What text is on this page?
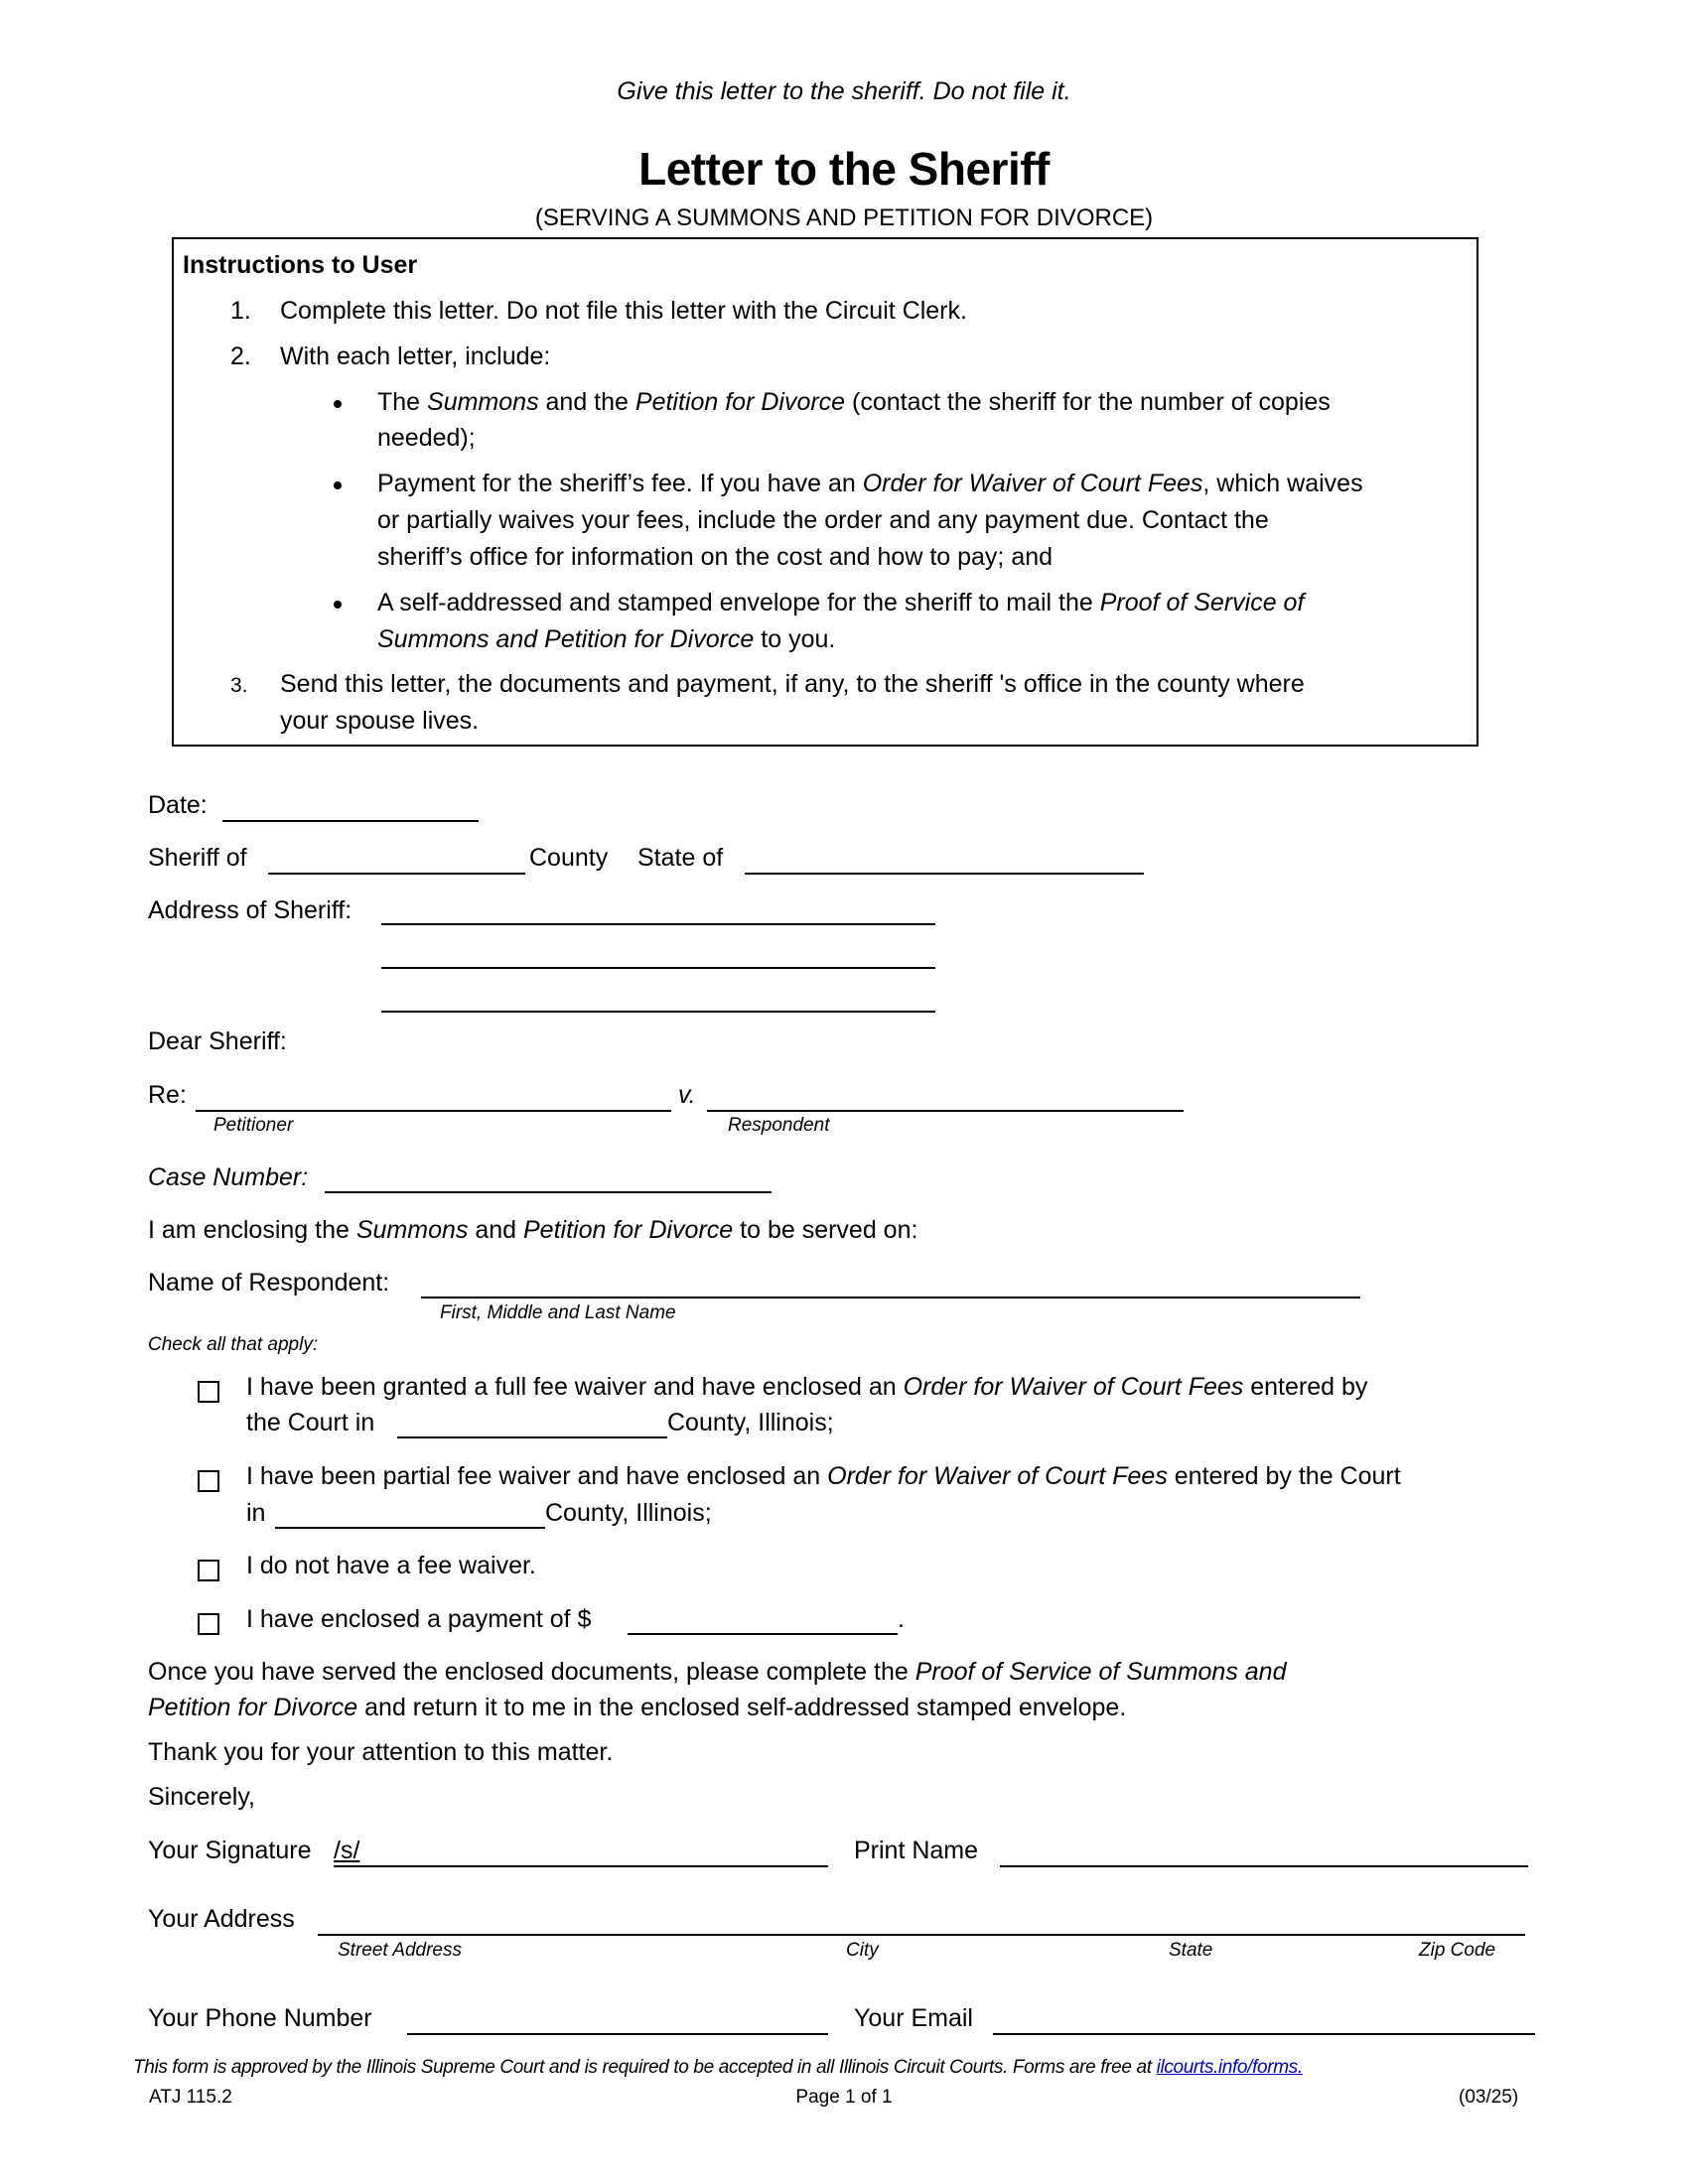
Give this letter to the sheriff. Do not file it.
Letter to the Sheriff
(SERVING A SUMMONS AND PETITION FOR DIVORCE)
Instructions to User
1. Complete this letter. Do not file this letter with the Circuit Clerk.
2. With each letter, include:
The Summons and the Petition for Divorce (contact the sheriff for the number of copies
needed);
Payment for the sheriff’s fee. If you have an Order for Waiver of Court Fees, which waives
or partially waives your fees, include the order and any payment due. Contact the
sheriff’s office for information on the cost and how to pay; and
A self-addressed and stamped envelope for the sheriff to mail the Proof of Service of
Summons and Petition for Divorce to you.
3. Send this letter, the documents and payment, if any, to the sheriff 's office in the county where
your spouse lives.
Date:
Sheriff of	County State of
Address of Sheriff:
Dear Sheriff:
Re:	v.
Petitioner	Respondent
Case Number:
I am enclosing the Summons and Petition for Divorce to be served on:
Name of Respondent:
First, Middle and Last Name
Check all that apply:
I have been granted a full fee waiver and have enclosed an Order for Waiver of Court Fees entered by
the Court in	County, Illinois;
I have been partial fee waiver and have enclosed an Order for Waiver of Court Fees entered by the Court
in	County, Illinois;
I do not have a fee waiver.
I have enclosed a payment of $	.
Once you have served the enclosed documents, please complete the Proof of Service of Summons and
Petition for Divorce and return it to me in the enclosed self-addressed stamped envelope.
Thank you for your attention to this matter.
Sincerely,
Your Signature /s/	Print Name
Your Address
Street Address	City	State	Zip Code
Your Phone Number	Your Email
This form is approved by the Illinois Supreme Court and is required to be accepted in all Illinois Circuit Courts. Forms are free at ilcourts.info/forms.
ATJ 115.2	Page 1 of 1	(03/25)
